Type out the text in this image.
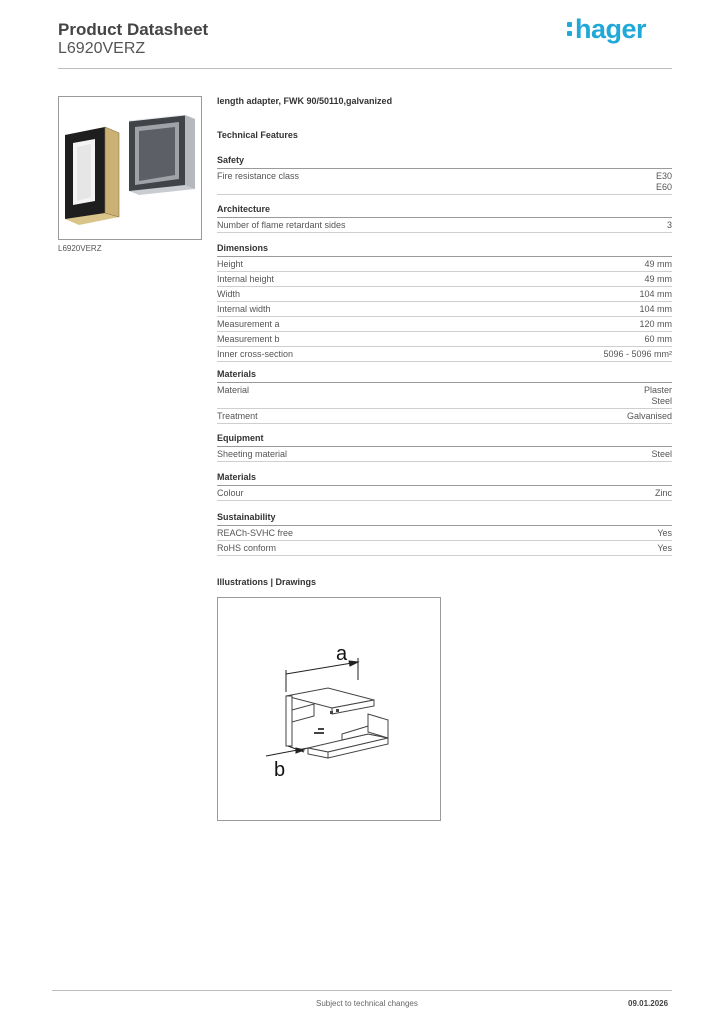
Product Datasheet
L6920VERZ
hager
L6920VERZ
length adapter, FWK 90/50110,galvanized
Technical Features
Safety
Fire resistance class	E30
E60
Architecture
Number of flame retardant sides	3
Dimensions
Height	49 mm
Internal height	49 mm
Width	104 mm
Internal width	104 mm
Measurement a	120 mm
Measurement b	60 mm
Inner cross-section	5096 - 5096 mm²
Materials
Material	Plaster
Steel
Treatment	Galvanised
Equipment
Sheeting material	Steel
Materials
Colour	Zinc
Sustainability
REACh-SVHC free	Yes
RoHS conform	Yes
Illustrations | Drawings
a
b
Subject to technical changes	09.01.2026
